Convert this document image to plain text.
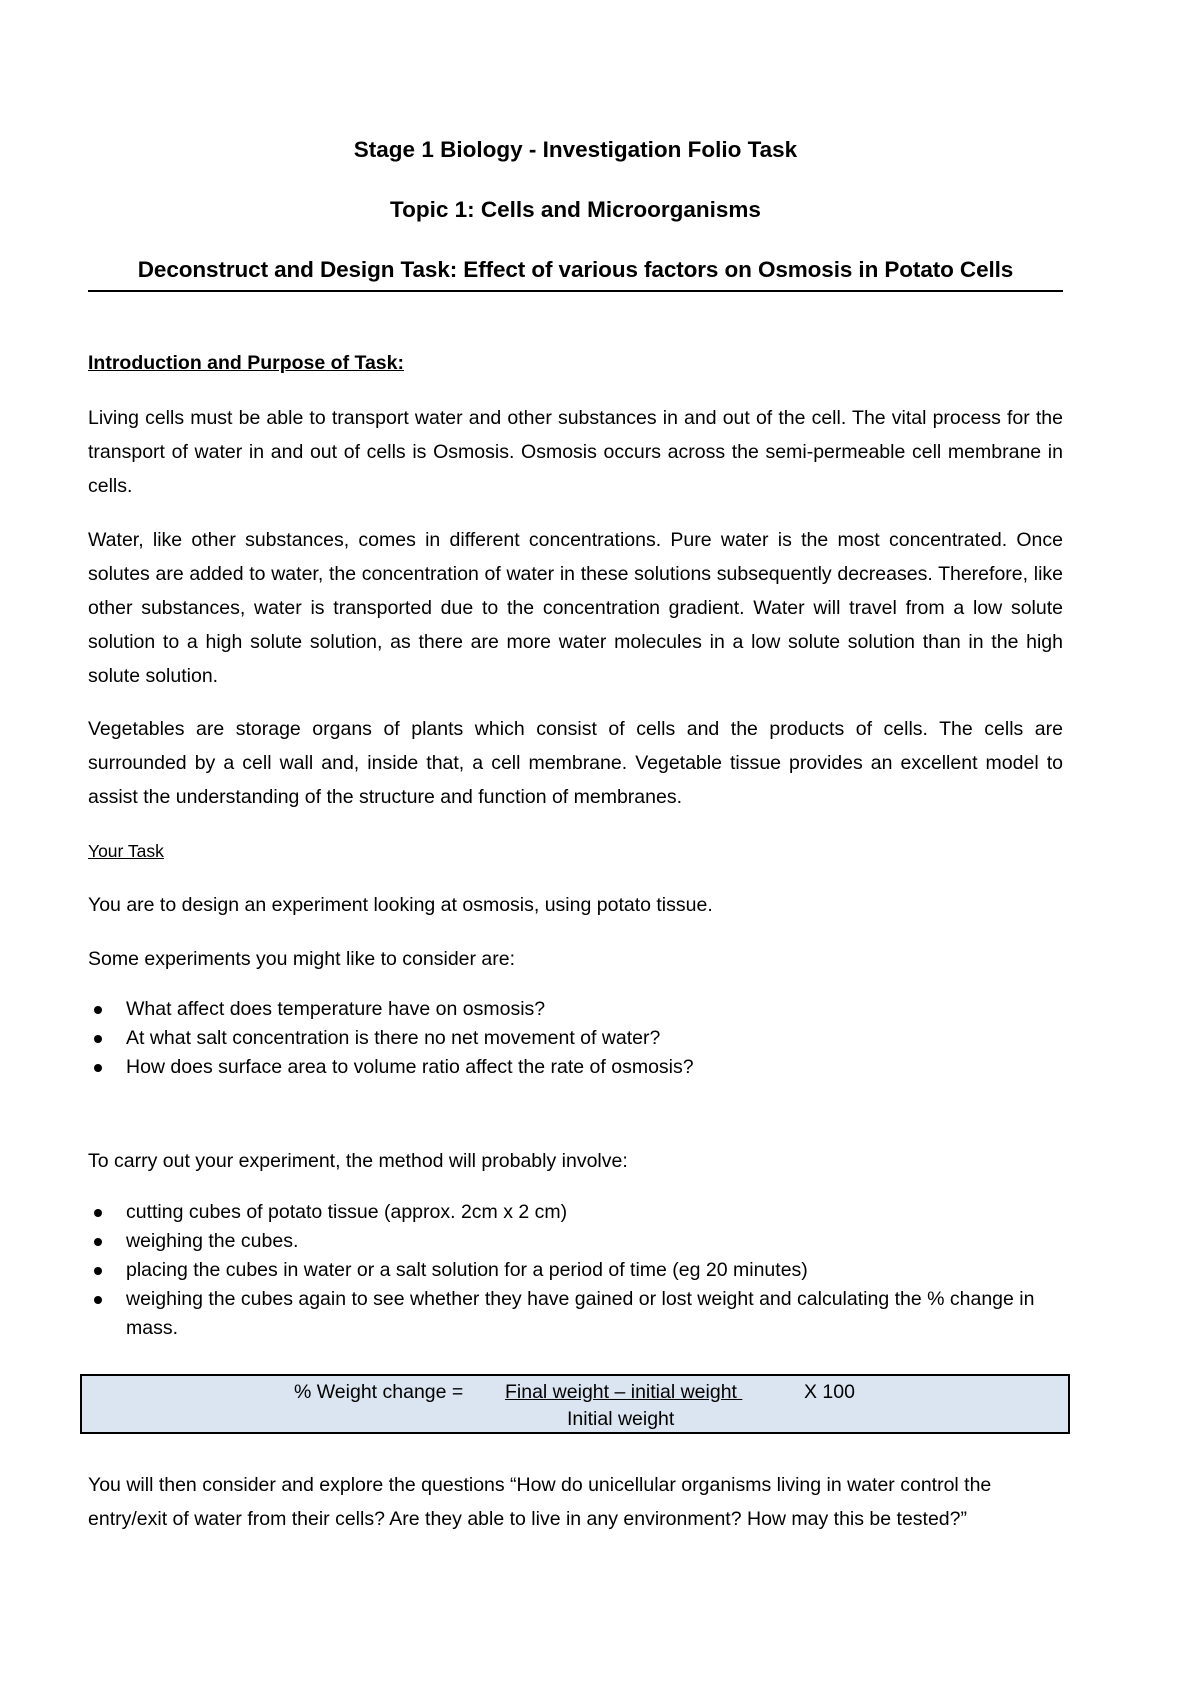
Stage 1 Biology - Investigation Folio Task
Topic 1: Cells and Microorganisms
Deconstruct and Design Task: Effect of various factors on Osmosis in Potato Cells
Introduction and Purpose of Task:

Living cells must be able to transport water and other substances in and out of the cell. The vital process for the transport of water in and out of cells is Osmosis. Osmosis occurs across the semi-permeable cell membrane in cells.

Water, like other substances, comes in different concentrations. Pure water is the most concentrated. Once solutes are added to water, the concentration of water in these solutions subsequently decreases. Therefore, like other substances, water is transported due to the concentration gradient. Water will travel from a low solute solution to a high solute solution, as there are more water molecules in a low solute solution than in the high solute solution.

Vegetables are storage organs of plants which consist of cells and the products of cells. The cells are surrounded by a cell wall and, inside that, a cell membrane. Vegetable tissue provides an excellent model to assist the understanding of the structure and function of membranes.

Your Task

You are to design an experiment looking at osmosis, using potato tissue.

Some experiments you might like to consider are:

What affect does temperature have on osmosis?
At what salt concentration is there no net movement of water?
How does surface area to volume ratio affect the rate of osmosis?

To carry out your experiment, the method will probably involve:

cutting cubes of potato tissue (approx. 2cm x 2 cm)
weighing the cubes.
placing the cubes in water or a salt solution for a period of time (eg 20 minutes)
weighing the cubes again to see whether they have gained or lost weight and calculating the % change in mass.
% Weight change = Final weight – initial weight	X 100
Initial weight

You will then consider and explore the questions “How do unicellular organisms living in water control the entry/exit of water from their cells? Are they able to live in any environment? How may this be tested?”
